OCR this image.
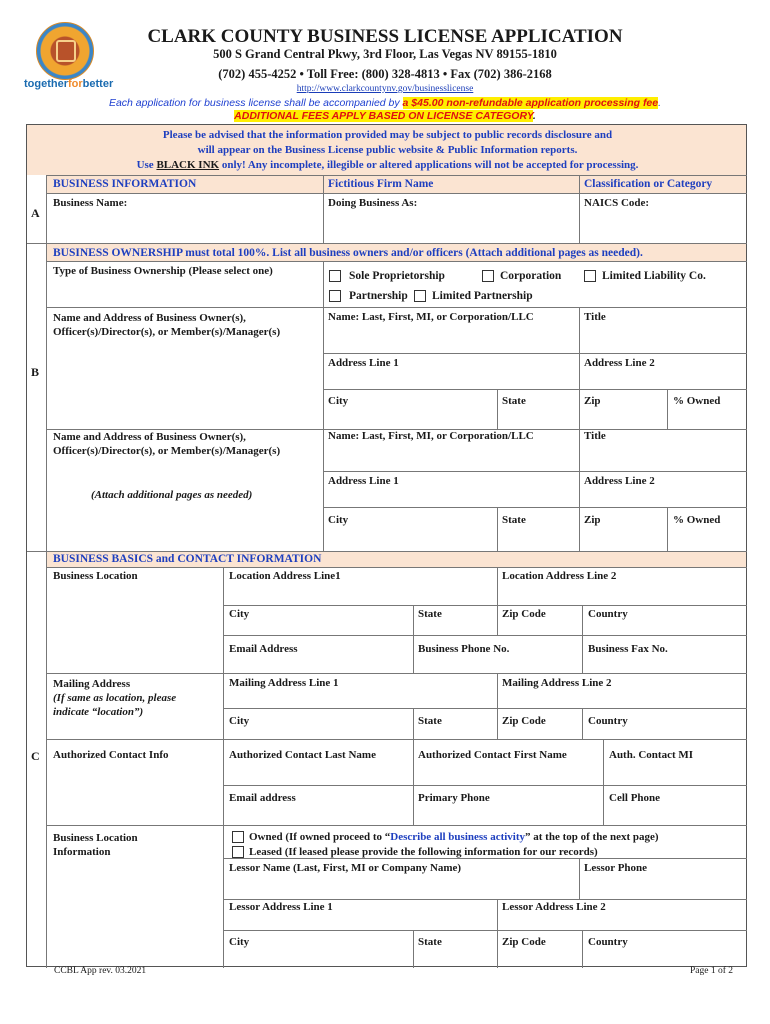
togetherforbetter
CLARK COUNTY BUSINESS LICENSE APPLICATION
500 S Grand Central Pkwy, 3rd Floor, Las Vegas NV 89155-1810
(702) 455-4252 • Toll Free: (800) 328-4813 • Fax (702) 386-2168
http://www.clarkcountynv.gov/businesslicense
Each application for business license shall be accompanied by a $45.00 non-refundable application processing fee.
ADDITIONAL FEES APPLY BASED ON LICENSE CATEGORY.
Please be advised that the information provided may be subject to public records disclosure and
will appear on the Business License public website & Public Information reports.
Use BLACK INK only! Any incomplete, illegible or altered applications will not be accepted for processing.
BUSINESS INFORMATION	Fictitious Firm Name	Classification or Category
A
Business Name:	Doing Business As:	NAICS Code:
BUSINESS OWNERSHIP must total 100%. List all business owners and/or officers (Attach additional pages as needed).
Type of Business Ownership (Please select one)	Sole Proprietorship	Corporation	Limited Liability Co.
Partnership Limited Partnership
Name and Address of Business Owner(s),
Officer(s)/Director(s), or Member(s)/Manager(s)
Name: Last, First, MI, or Corporation/LLC	Title
Address Line 1	Address Line 2
City	State	Zip	% Owned
B
Name and Address of Business Owner(s),
Officer(s)/Director(s), or Member(s)/Manager(s)
(Attach additional pages as needed)
Name: Last, First, MI, or Corporation/LLC	Title
Address Line 1	Address Line 2
City	State	Zip	% Owned
BUSINESS BASICS and CONTACT INFORMATION
Business Location	Location Address Line1	Location Address Line 2
City	State	Zip Code	Country
Email Address	Business Phone No.	Business Fax No.
Mailing Address
(If same as location, please
indicate “location”)
Mailing Address Line 1	Mailing Address Line 2
City	State	Zip Code	Country
C Authorized Contact Info	Authorized Contact Last Name	Authorized Contact First Name	Auth. Contact MI
Email address	Primary Phone	Cell Phone
Business Location
Information
Owned (If owned proceed to “Describe all business activity” at the top of the next page)
Leased (If leased please provide the following information for our records)
Lessor Name (Last, First, MI or Company Name)	Lessor Phone
Lessor Address Line 1	Lessor Address Line 2
City	State	Zip Code	Country
CCBL App rev. 03.2021	Page 1 of 2
